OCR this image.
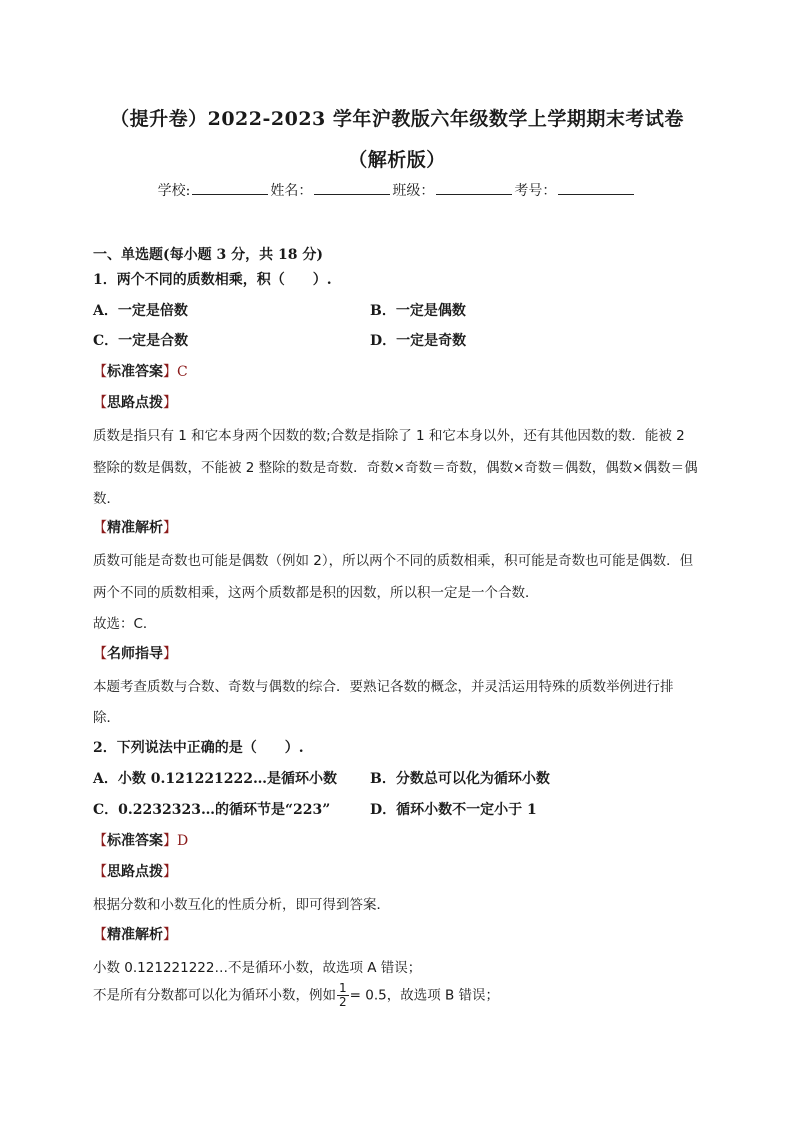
（提升卷）2022-2023 学年沪教版六年级数学上学期期末考试卷
（解析版）
学校:	姓名：	班级：	考号：
一、单选题(每小题 3 分，共 18 分)
1．两个不同的质数相乘，积（　　）.
A．一定是倍数	B．一定是偶数
C．一定是合数	D．一定是奇数
【标准答案】C
【思路点拨】
质数是指只有 1 和它本身两个因数的数;合数是指除了 1 和它本身以外，还有其他因数的数．能被 2
整除的数是偶数，不能被 2 整除的数是奇数．奇数×奇数＝奇数，偶数×奇数＝偶数，偶数×偶数＝偶
数．
【精准解析】
质数可能是奇数也可能是偶数（例如 2），所以两个不同的质数相乘，积可能是奇数也可能是偶数．但
两个不同的质数相乘，这两个质数都是积的因数，所以积一定是一个合数．
故选：C．
【名师指导】
本题考查质数与合数、奇数与偶数的综合．要熟记各数的概念，并灵活运用特殊的质数举例进行排
除．
2．下列说法中正确的是（　　）.
A．小数 0.121221222…是循环小数 B．分数总可以化为循环小数
C．0.2232323…的循环节是“223”	D．循环小数不一定小于 1
【标准答案】D
【思路点拨】
根据分数和小数互化的性质分析，即可得到答案．
【精准解析】
小数 0.121221222…不是循环小数，故选项 A 错误；
不是所有分数都可以化为循环小数，例如 $\frac{1}{2} = 0.5$，故选项 B 错误；
